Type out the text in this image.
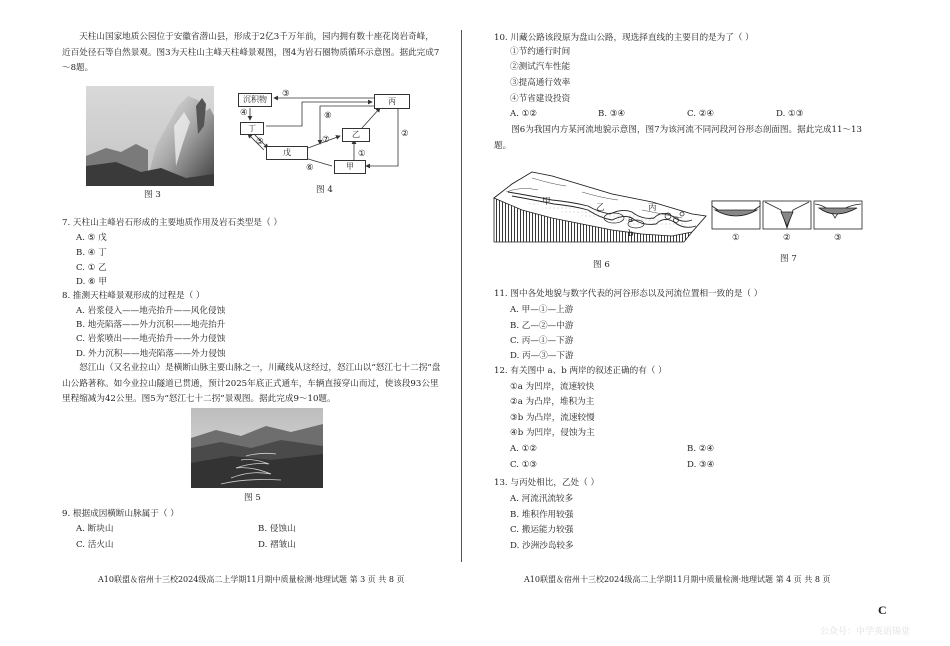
天柱山国家地质公园位于安徽省潜山县，形成于2亿3千万年前，园内拥有数十座花岗岩奇峰，近百处径石等自然景观。图3为天柱山主峰天柱峰景观图，图4为岩石圈物质循环示意图。据此完成7～8题。
图 3
沉积物
丁
戊
甲
乙
丙
③
④
⑤
⑧
⑦
②
①
⑥
图 4
7. 天柱山主峰岩石形成的主要地质作用及岩石类型是（ ）
A. ⑤ 戊
B. ④ 丁
C. ① 乙
D. ⑥ 甲
8. 推测天柱峰景观形成的过程是（ ）
A. 岩浆侵入——地壳抬升——风化侵蚀
B. 地壳陷落——外力沉积——地壳抬升
C. 岩浆喷出——地壳抬升——外力侵蚀
D. 外力沉积——地壳陷落——外力侵蚀
怒江山（又名业拉山）是横断山脉主要山脉之一，川藏线从这经过，怒江山以“怒江七十二拐”盘山公路著称。如今业拉山隧道已贯通，预计2025年底正式通车，车辆直接穿山而过，使该段93公里里程缩减为42公里。图5为“怒江七十二拐”景观图。据此完成9～10题。
图 5
9. 根据成因横断山脉属于（ ）
A. 断块山	B. 侵蚀山
C. 活火山	D. 褶皱山
A10联盟＆宿州十三校2024级高二上学期11月期中质量检测·地理试题 第 3 页 共 8 页
10. 川藏公路该段原为盘山公路，现选择直线的主要目的是为了（ ）
①节约通行时间
②测试汽车性能
③提高通行效率
④节省建设投资
A. ①②	B. ③④	C. ②④	D. ①③
图6为我国内方某河流地貌示意图，图7为该河流不同河段河谷形态剖面图。据此完成11～13题。
甲
乙	丙
a
b
图 6
①	②	③
图 7
11. 图中各处地貌与数字代表的河谷形态以及河流位置相一致的是（ ）
A. 甲—①—上游
B. 乙—②—中游
C. 丙—①—下游
D. 丙—③—下游
12. 有关图中 a、b 两岸的叙述正确的有（ ）
①a 为凹岸，流速较快
②a 为凸岸，堆积为主
③b 为凸岸，流速较慢
④b 为凹岸，侵蚀为主
A. ①②	B. ②④
C. ①③	D. ③④
13. 与丙处相比，乙处（ ）
A. 河流汛流较多
B. 堆积作用较强
C. 搬运能力较强
D. 沙洲沙岛较多
A10联盟＆宿州十三校2024级高二上学期11月期中质量检测·地理试题 第 4 页 共 8 页
C
公众号：中学英语锦堂
